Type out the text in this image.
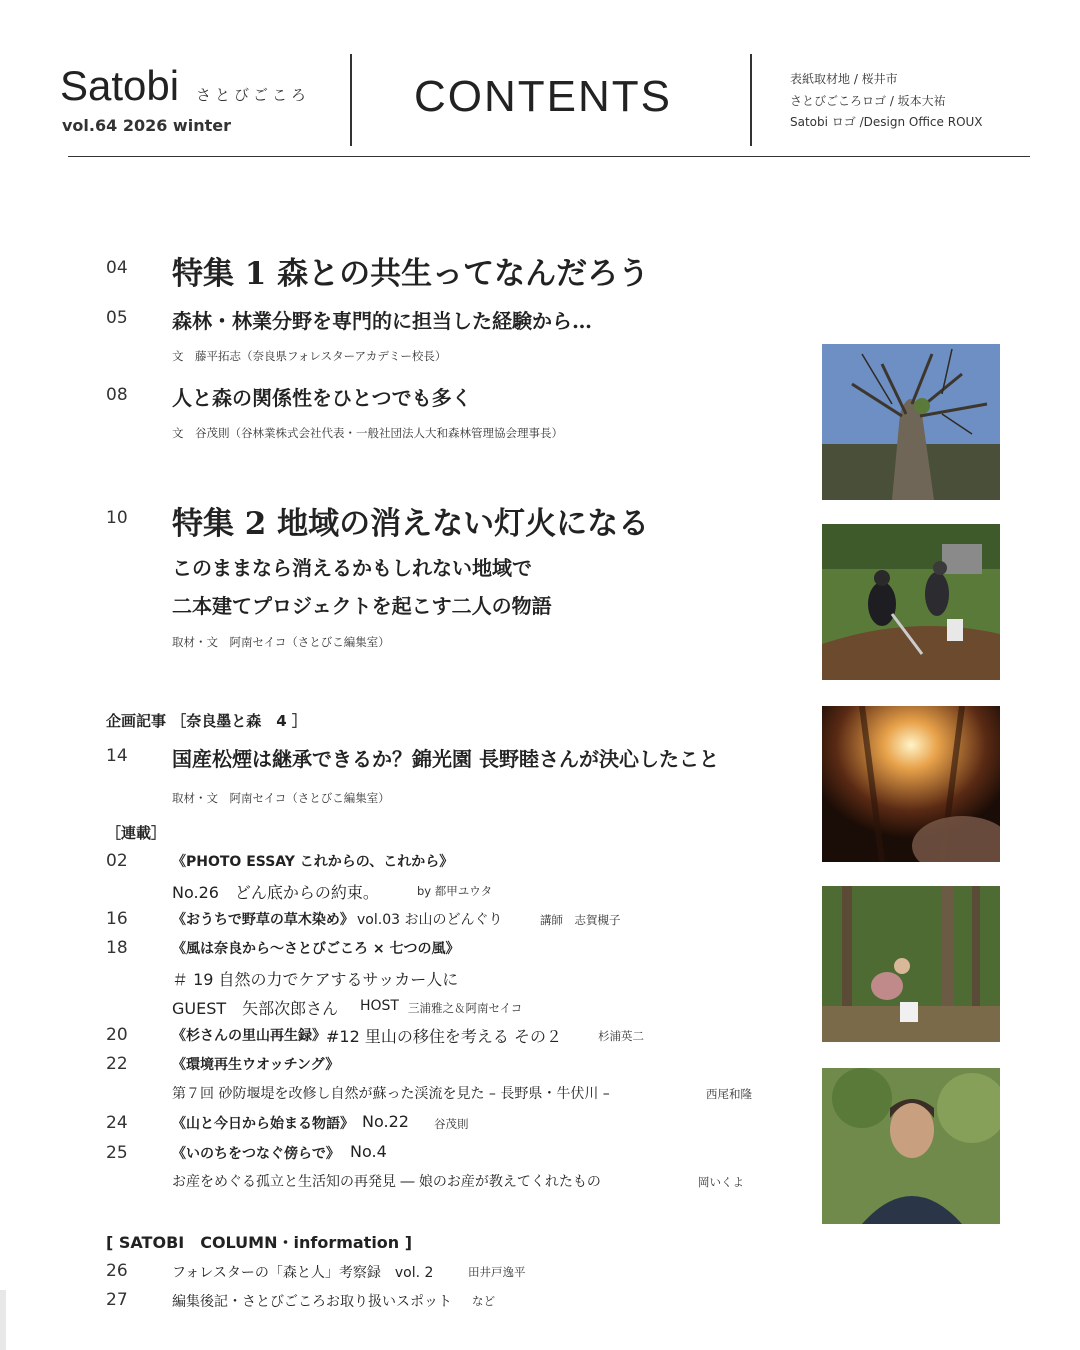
Satobi さとびごころ
vol.64 2026 winter
CONTENTS	表紙取材地 / 桜井市
さとびごころロゴ / 坂本大祐
Satobi ロゴ /Design Office ROUX
04 特集 1 森との共生ってなんだろう
05 森林・林業分野を専門的に担当した経験から…
文　藤平拓志（奈良県フォレスターアカデミー校長）
08 人と森の関係性をひとつでも多く
文　谷茂則（谷林業株式会社代表・一般社団法人大和森林管理協会理事長）
10 特集 2 地域の消えない灯火になる
このままなら消えるかもしれない地域で
二本建てプロジェクトを起こす二人の物語
取材・文　阿南セイコ（さとびこ編集室）
企画記事 ［奈良墨と森　4 ］
14 国産松煙は継承できるか？錦光園 長野睦さんが決心したこと
取材・文　阿南セイコ（さとびこ編集室）
［連載］
02	《PHOTO ESSAY これからの、これから》
No.26　どん底からの約束。	by 都甲ユウタ
16	《おうちで野草の草木染め》 vol.03 お山のどんぐり	講師　志賀槻子
18	《風は奈良から〜さとびごころ × 七つの風》
＃ 19 自然の力でケアするサッカー人に
GUEST　矢部次郎さん HOST 三浦雅之＆阿南セイコ
20	《杉さんの里山再生録》 #12 里山の移住を考える その２	杉浦英二
22	《環境再生ウオッチング》
第７回 砂防堰堤を改修し自然が蘇った渓流を見た – 長野県・牛伏川 –	西尾和隆
24	《山と今日から始まる物語》 No.22 谷茂則
25	《いのちをつなぐ傍らで》 No.4
お産をめぐる孤立と生活知の再発見 ― 娘のお産が教えてくれたもの	岡いくよ
[ SATOBI　COLUMN・information ]
26	フォレスターの「森と人」考察録　vol. 2	田井戸逸平
27	編集後記・さとびごころお取り扱いスポット など
